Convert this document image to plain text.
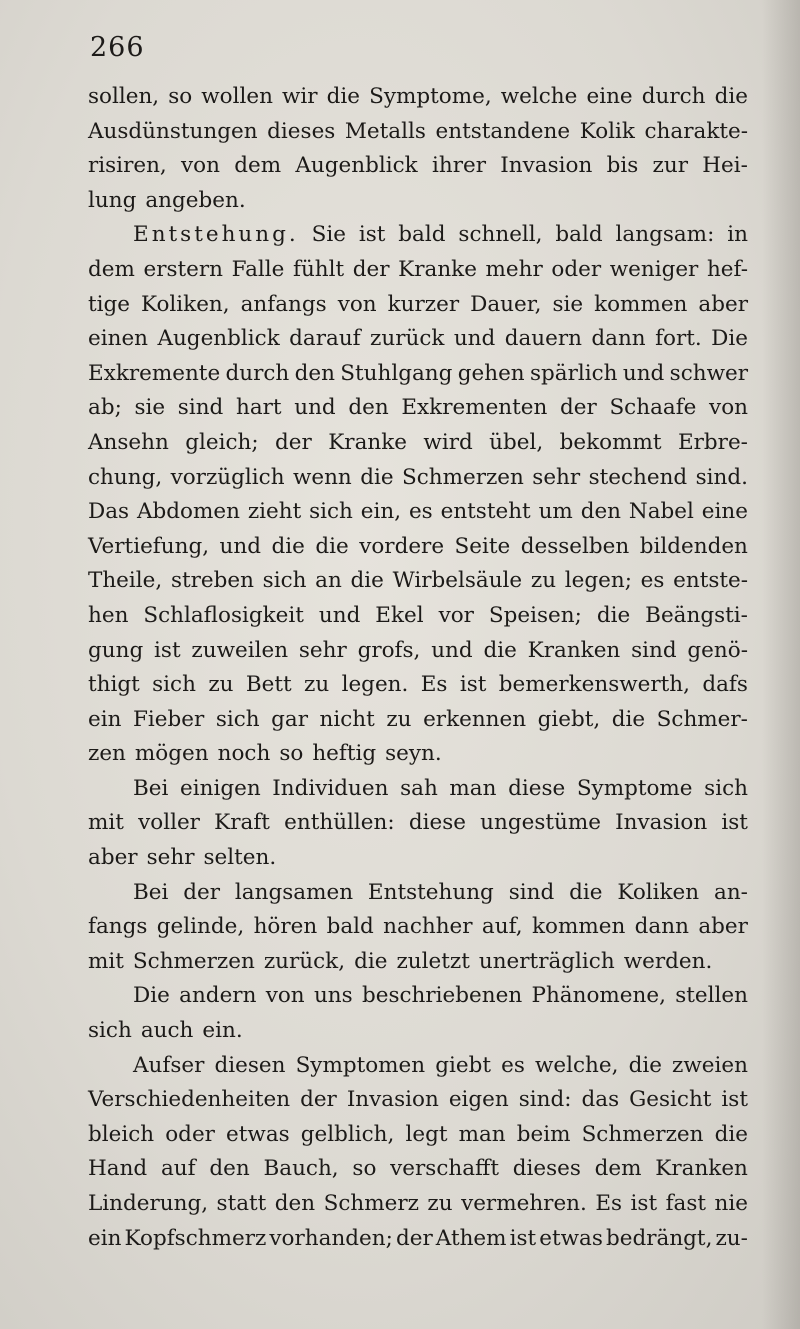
266
sollen, so wollen wir die Symptome, welche eine durch die
Ausdünstungen dieses Metalls entstandene Kolik charakte-
risiren, von dem Augenblick ihrer Invasion bis zur Hei-
lung angeben.
Entstehung. Sie ist bald schnell, bald langsam: in
dem erstern Falle fühlt der Kranke mehr oder weniger hef-
tige Koliken, anfangs von kurzer Dauer, sie kommen aber
einen Augenblick darauf zurück und dauern dann fort. Die
Exkremente durch den Stuhlgang gehen spärlich und schwer
ab; sie sind hart und den Exkrementen der Schaafe von
Ansehn gleich; der Kranke wird übel, bekommt Erbre-
chung, vorzüglich wenn die Schmerzen sehr stechend sind.
Das Abdomen zieht sich ein, es entsteht um den Nabel eine
Vertiefung, und die die vordere Seite desselben bildenden
Theile, streben sich an die Wirbelsäule zu legen; es entste-
hen Schlaflosigkeit und Ekel vor Speisen; die Beängsti-
gung ist zuweilen sehr grofs, und die Kranken sind genö-
thigt sich zu Bett zu legen. Es ist bemerkenswerth, dafs
ein Fieber sich gar nicht zu erkennen giebt, die Schmer-
zen mögen noch so heftig seyn.
Bei einigen Individuen sah man diese Symptome sich
mit voller Kraft enthüllen: diese ungestüme Invasion ist
aber sehr selten.
Bei der langsamen Entstehung sind die Koliken an-
fangs gelinde, hören bald nachher auf, kommen dann aber
mit Schmerzen zurück, die zuletzt unerträglich werden.
Die andern von uns beschriebenen Phänomene, stellen
sich auch ein.
Aufser diesen Symptomen giebt es welche, die zweien
Verschiedenheiten der Invasion eigen sind: das Gesicht ist
bleich oder etwas gelblich, legt man beim Schmerzen die
Hand auf den Bauch, so verschafft dieses dem Kranken
Linderung, statt den Schmerz zu vermehren. Es ist fast nie
ein Kopfschmerz vorhanden; der Athem ist etwas bedrängt, zu-
